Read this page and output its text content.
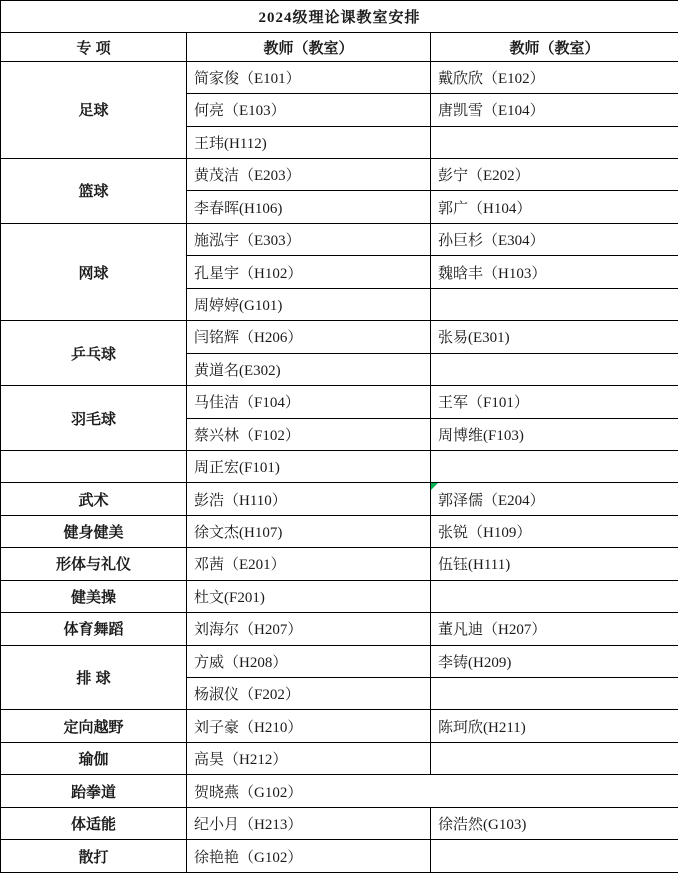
2024级理论课教室安排		
专 项	教师（教室）	教师（教室）
足球	简家俊（E101）	戴欣欣（E102）
	何亮（E103）	唐凯雪（E104）
	王玮(H112)	
篮球	黄茂洁（E203）	彭宁（E202）
	李春晖(H106)	郭广（H104）
网球	施泓宇（E303）	孙巨杉（E304）
	孔星宇（H102）	魏晗丰（H103）
	周婷婷(G101)	
乒乓球	闫铭辉（H206）	张易(E301)
	黄道名(E302)	
羽毛球	马佳洁（F104）	王军（F101）
	蔡兴林（F102）	周博维(F103)
	周正宏(F101)	
武术	彭浩（H110）	郭泽儒（E204）
健身健美	徐文杰(H107)	张锐（H109）
形体与礼仪	邓茜（E201）	伍钰(H111)
健美操	杜文(F201)	
体育舞蹈	刘海尔（H207）	董凡迪（H207）
排 球	方威（H208）	李铸(H209)
	杨淑仪（F202）	
定向越野	刘子豪（H210）	陈珂欣(H211)
瑜伽	高昊（H212）	
跆拳道	贺晓燕（G102）	
体适能	纪小月（H213）	徐浩然(G103)
散打	徐艳艳（G102）	
